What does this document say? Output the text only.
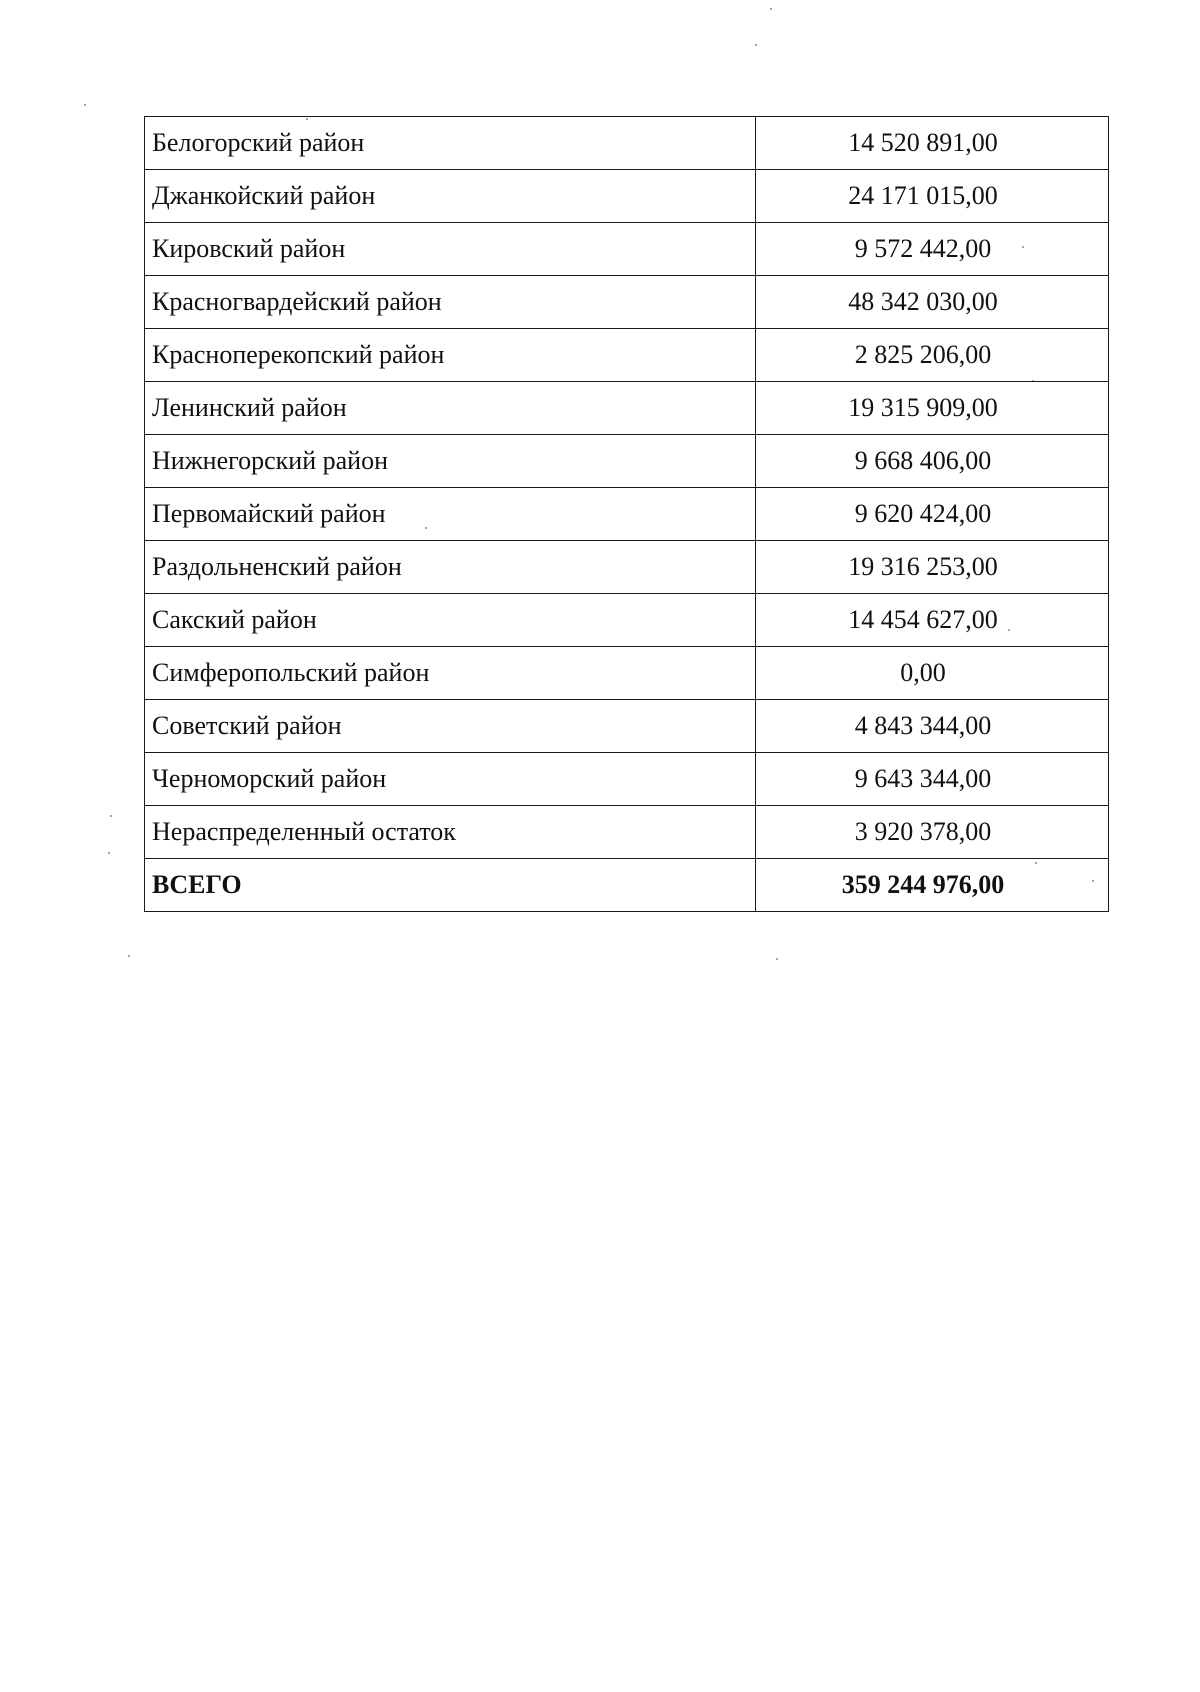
Белогорский район	14 520 891,00
Джанкойский район	24 171 015,00
Кировский район	9 572 442,00
Красногвардейский район	48 342 030,00
Красноперекопский район	2 825 206,00
Ленинский район	19 315 909,00
Нижнегорский район	9 668 406,00
Первомайский район	9 620 424,00
Раздольненский район	19 316 253,00
Сакский район	14 454 627,00
Симферопольский район	0,00
Советский район	4 843 344,00
Черноморский район	9 643 344,00
Нераспределенный остаток	3 920 378,00
ВСЕГО	359 244 976,00
